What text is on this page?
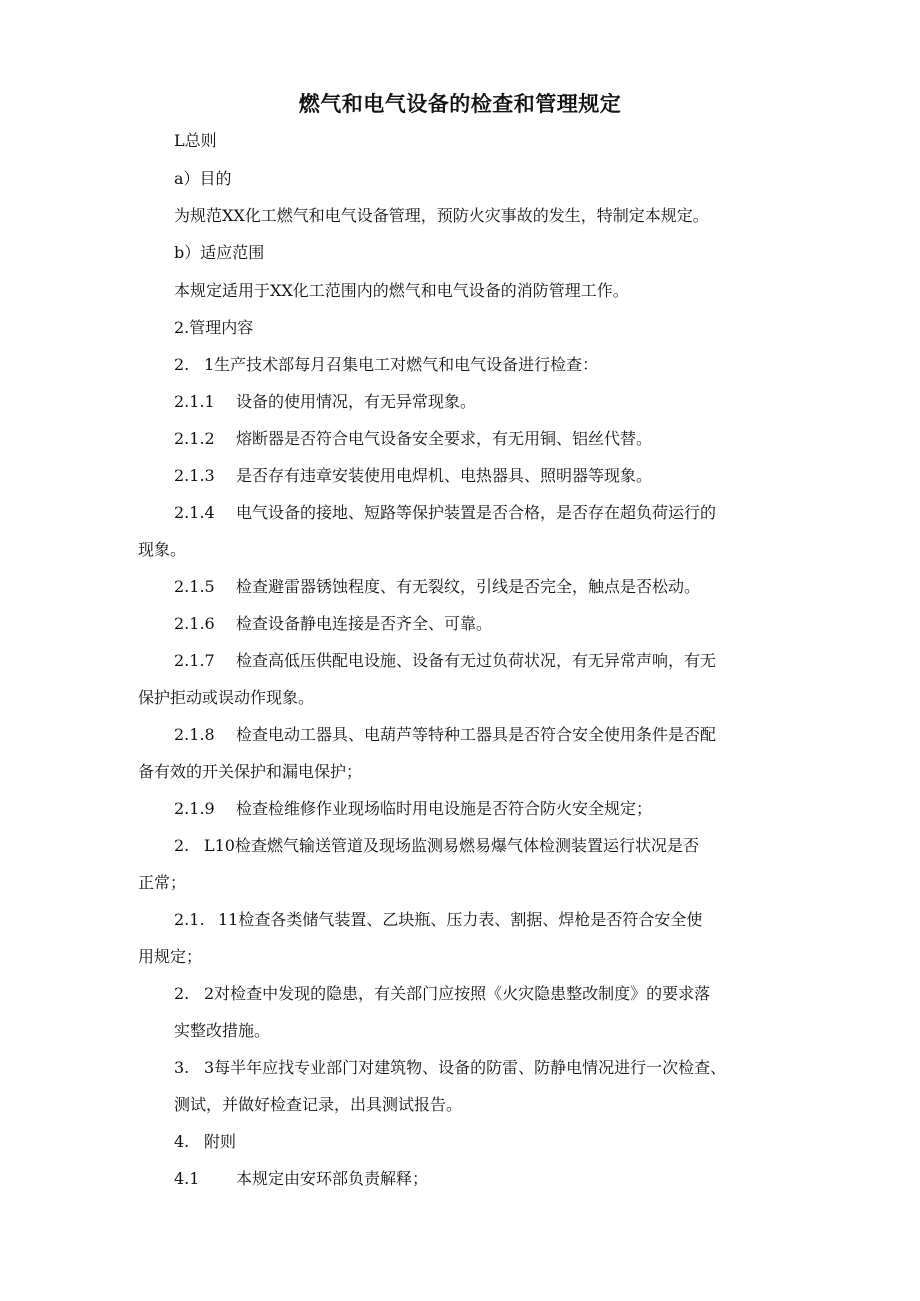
燃气和电气设备的检查和管理规定
L总则
a）目的
为规范XX化工燃气和电气设备管理，预防火灾事故的发生，特制定本规定。
b）适应范围
本规定适用于XX化工范围内的燃气和电气设备的消防管理工作。
2.管理内容
2. 1生产技术部每月召集电工对燃气和电气设备进行检查：
2.1.1 设备的使用情况，有无异常现象。
2.1.2 熔断器是否符合电气设备安全要求，有无用铜、铝丝代替。
2.1.3 是否存有违章安装使用电焊机、电热器具、照明器等现象。
2.1.4 电气设备的接地、短路等保护装置是否合格，是否存在超负荷运行的
现象。
2.1.5 检查避雷器锈蚀程度、有无裂纹，引线是否完全，触点是否松动。
2.1.6 检查设备静电连接是否齐全、可靠。
2.1.7 检查高低压供配电设施、设备有无过负荷状况，有无异常声响，有无
保护拒动或误动作现象。
2.1.8 检查电动工器具、电葫芦等特种工器具是否符合安全使用条件是否配
备有效的开关保护和漏电保护；
2.1.9 检查检维修作业现场临时用电设施是否符合防火安全规定；
2. L10检查燃气输送管道及现场监测易燃易爆气体检测装置运行状况是否
正常；
2.1. 11检查各类储气装置、乙块瓶、压力表、割据、焊枪是否符合安全使
用规定；
2. 2对检查中发现的隐患，有关部门应按照《火灾隐患整改制度》的要求落
实整改措施。
3. 3每半年应找专业部门对建筑物、设备的防雷、防静电情况进行一次检查、
测试，并做好检查记录，出具测试报告。
4. 附则
4.1 本规定由安环部负责解释；
